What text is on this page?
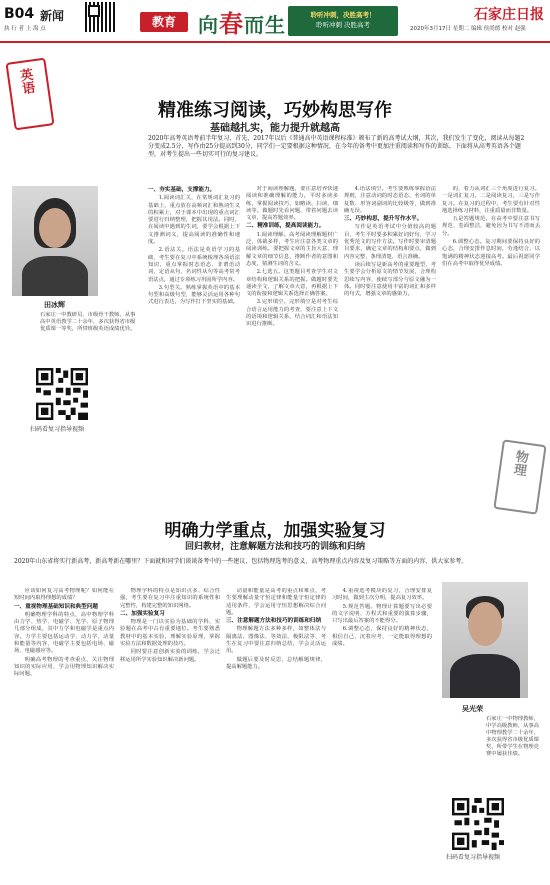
B04 新闻
执 行 者 上 海 点	教育	向春而生	聆听冲刺，决胜高考！
聆听冲刺 决胜高考
石家庄日报
2020年3月17日 星期二 编辑 侯尚德 校对 赵强
英语
精准练习阅读，巧妙构思写作
基础越扎实，能力提升就越高
2020年高考英语考前半年复习，首先，2017年以后《普通高中英语课程标准》颁布了新的高考试大纲，其次，我们发生了变化，阅读从每题2分变成2.5分，写作由25分提高到30分，同学们一定要根据这种情况，在今年的备考中更加注重阅读和写作的训练。下面将从高考英语各个题型，对考生提出一些切实可行的复习建议。
田冰辉
石家庄一中教研员，市级骨干教师。从事高中英语教学二十余年，多次获得省市级优质课一等奖，所带班级英语成绩优异。
扫码看复习指导视频
一、夯实基础，支撑能力。

1.阅读词汇关，在常规词汇复习的基础上，重点放在高频词汇和熟词生义的积累上，对于课本中出现的重点词汇要进行归纳整理，把握其用法。同时，在阅读中遇到的生词，要学会根据上下文推测词义，提高阅读的准确性和速度。

2.语法关。语法是英语学习的基础，考生要在复习中系统梳理各项语法知识，重点掌握时态语态、非谓语动词、定语从句、名词性从句等高考常考语法点，通过专项练习巩固所学内容。

3.句型关。熟练掌握英语中的基本句型和高级句型，能够灵活运用各种句式进行表达，为写作打下坚实的基础。

对于阅读理解题，要注意培养快速阅读和准确理解的能力。平时多读多练，掌握阅读技巧，如略读、扫读、细读等。做题时先看问题，带着问题去读文章，提高答题效率。

二、精准训练，提高阅读能力。

1.阅读理解。高考阅读理解题材广泛，体裁多样，考生应注意各类文章的阅读训练。要把握文章的主旨大意，理解文章的细节信息，推断作者的意图和态度，猜测生词的含义。

2.七选五。这类题目考查学生对文章结构和逻辑关系的把握。做题时要先通读全文，了解文章大意，再根据上下文的衔接和逻辑关系选择正确答案。

3.完形填空。完形填空是对考生综合语言运用能力的考查，要注意上下文的语境和逻辑关系，结合词汇和语法知识进行推断。

4.语法填空。考生要熟练掌握语法规则，注意动词的时态语态、名词的单复数、形容词副词的比较级等，做到准确无误。

三、巧妙构思，提升写作水平。

写作是英语考试中分值较高的题目，考生平时要多积累好词好句，学习优秀范文的写作方法。写作时要审清题目要求，确定文章的结构和要点，做到内容完整、条理清楚、语言准确。

读后续写是新高考的重要题型，考生要学会分析原文的情节发展，合理构思续写内容，使续写部分与原文融为一体。同时要注意使用丰富的词汇和多样的句式，增强文章的感染力。

的，着力从词汇三个角度进行复习。一是词汇复习，二是阅读复习，三是写作复习。在复习的过程中，考生要有针对性地选择练习材料，注重质量而非数量。

五是答题规范。在高考中要注意书写规范、卷面整洁，避免因为书写不清而丢分。

6.调整心态。复习期间要保持良好的心态，合理安排作息时间，劳逸结合，以饱满的精神状态迎接高考。最后祝愿同学们在高考中取得优异成绩。

物理
明确力学重点，加强实验复习
回归教材，注意解题方法和技巧的训练和归纳
2020年山东省将实行新高考，新高考新在哪里？下面就和同学们谈谈备考中的一些建议，包括物理选考的意义、高考物理重点内容及复习策略等方面的内容，供大家参考。

应该如何复习高考物理呢？如何能在短时间内取得理想的成绩？

一、重视物理基础知识和典型问题

明确物理学科的特点，高中物理学科由力学、热学、电磁学、光学、原子物理几部分组成，其中力学和电磁学是重点内容。力学主要包括运动学、动力学、动量和能量等内容，电磁学主要包括电场、磁场、电磁感应等。

明确高考物理的考查重点，关注物理知识的实际应用，学会用物理知识解决实际问题。

物理学科的特点是知识点多、综合性强，考生要在复习中注重知识的系统性和完整性，构建完整的知识网络。

二、加强实验复习

物理是一门以实验为基础的学科，实验题在高考中占有重要地位。考生要熟悉教材中的基本实验，理解实验原理，掌握实验方法和数据处理的技巧。

同时要注意创新实验的训练，学会迁移运用所学实验知识解决新问题。

动量和能量是高考的重点和难点，考生要理解动量守恒定律和能量守恒定律的适用条件，学会运用守恒思想解决综合问题。

三、注意解题方法和技巧的训练和归纳

物理解题方法多种多样，如整体法与隔离法、图像法、等效法、极限法等，考生在复习中要注意归纳总结，学会灵活运用。

做题后要及时反思，总结解题规律，提高解题能力。

4.重视选考模块的复习，合理安排复习时间，做到主次分明，提高复习效率。

5.规范答题。物理计算题要写出必要的文字说明、方程式和重要的演算步骤，只写出最后答案的不能得分。

6.调整心态，保持良好的精神状态，相信自己，沉着应考，一定能取得理想的成绩。

吴光荣
石家庄一中物理教师，中学高级教师，从事高中物理教学二十余年，多次获得省市级优质课奖，所带学生在物理竞赛中屡获佳绩。
扫码看复习指导视频
